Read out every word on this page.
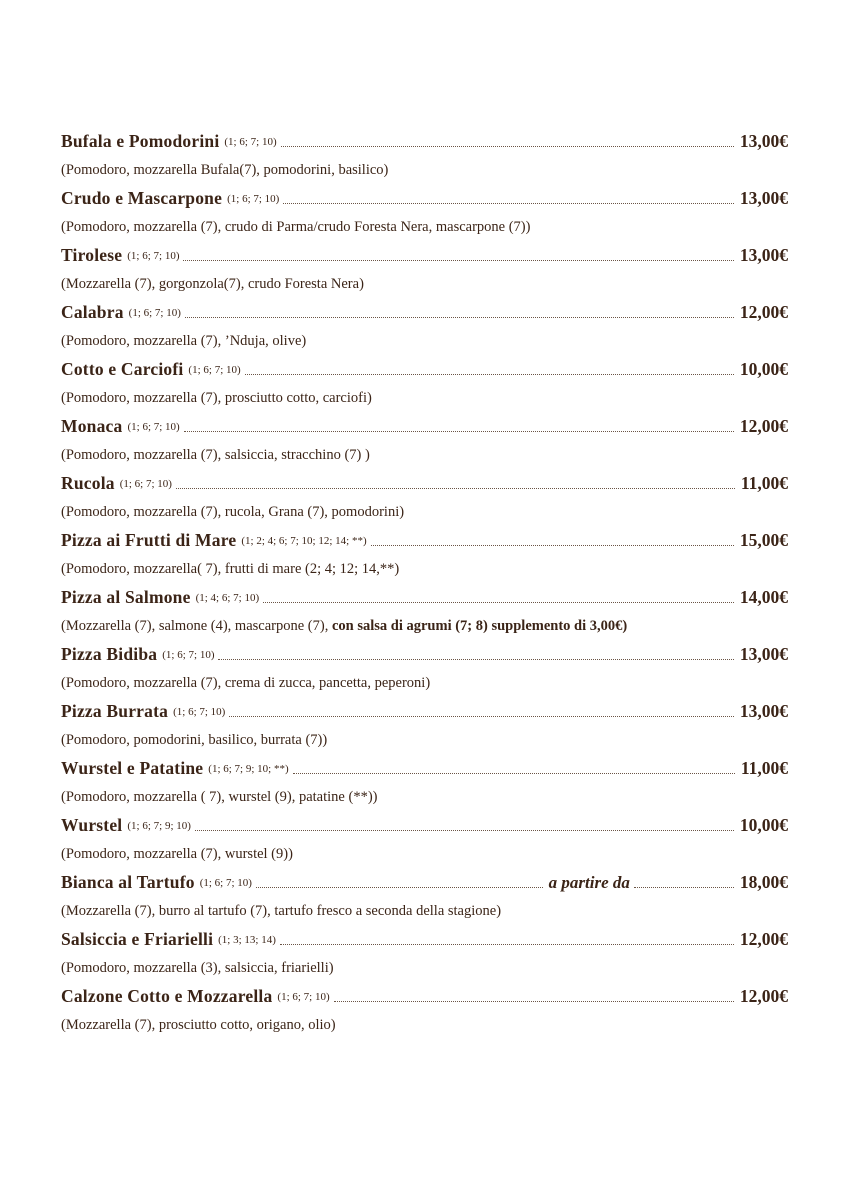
Bufala e Pomodorini (1; 6; 7; 10)	13,00€
(Pomodoro, mozzarella Bufala(7), pomodorini, basilico)
Crudo e Mascarpone (1; 6; 7; 10)	13,00€
(Pomodoro, mozzarella (7), crudo di Parma/crudo Foresta Nera, mascarpone (7))
Tirolese (1; 6; 7; 10)	13,00€
(Mozzarella (7), gorgonzola(7), crudo Foresta Nera)
Calabra (1; 6; 7; 10)	12,00€
(Pomodoro, mozzarella (7), ’Nduja, olive)
Cotto e Carciofi (1; 6; 7; 10)	10,00€
(Pomodoro, mozzarella (7), prosciutto cotto, carciofi)
Monaca (1; 6; 7; 10)	12,00€
(Pomodoro, mozzarella (7), salsiccia, stracchino (7) )
Rucola (1; 6; 7; 10)	11,00€
(Pomodoro, mozzarella (7), rucola, Grana (7), pomodorini)
Pizza ai Frutti di Mare (1; 2; 4; 6; 7; 10; 12; 14; **)	15,00€
(Pomodoro, mozzarella( 7), frutti di mare (2; 4; 12; 14,**)
Pizza al Salmone (1; 4; 6; 7; 10)	14,00€
(Mozzarella (7), salmone (4), mascarpone (7),
con salsa di agrumi (7; 8) supplemento di 3,00€)
Pizza Bidiba (1; 6; 7; 10)	13,00€
(Pomodoro, mozzarella (7), crema di zucca, pancetta, peperoni)
Pizza Burrata (1; 6; 7; 10)	13,00€
(Pomodoro, pomodorini, basilico, burrata (7))
Wurstel e Patatine (1; 6; 7; 9; 10; **)	11,00€
(Pomodoro, mozzarella ( 7), wurstel (9), patatine (**))
Wurstel (1; 6; 7; 9; 10)	10,00€
(Pomodoro, mozzarella (7), wurstel (9))
Bianca al Tartufo (1; 6; 7; 10)	a partire da	18,00€
(Mozzarella (7), burro al tartufo (7), tartufo fresco a seconda della stagione)
Salsiccia e Friarielli (1; 3; 13; 14)	12,00€
(Pomodoro, mozzarella (3), salsiccia, friarielli)
Calzone Cotto e Mozzarella (1; 6; 7; 10)	12,00€
(Mozzarella (7), prosciutto cotto, origano, olio)
